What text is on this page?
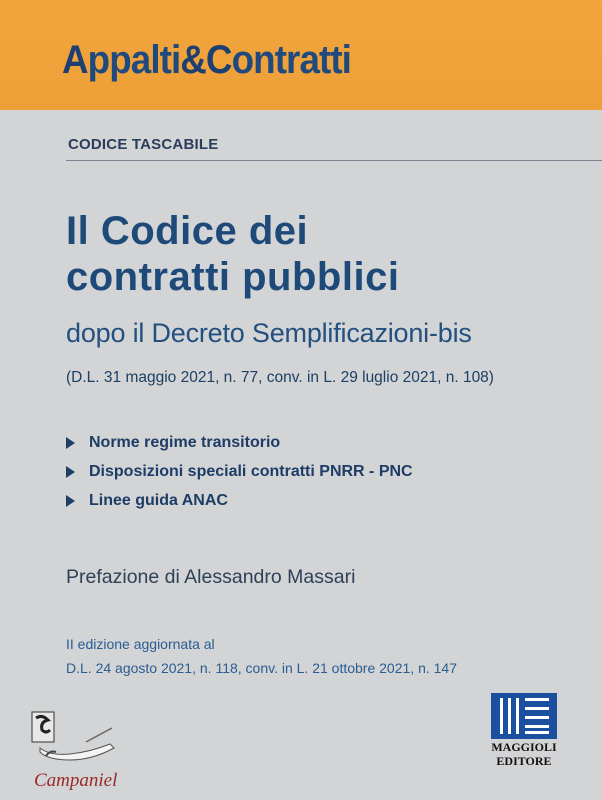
Appalti&Contratti
CODICE TASCABILE
Il Codice dei
contratti pubblici
dopo il Decreto Semplificazioni-bis
(D.L. 31 maggio 2021, n. 77, conv. in L. 29 luglio 2021, n. 108)
Norme regime transitorio
Disposizioni speciali contratti PNRR - PNC
Linee guida ANAC
Prefazione di Alessandro Massari
II edizione aggiornata al
D.L. 24 agosto 2021, n. 118, conv. in L. 21 ottobre 2021, n. 147
MAGGIOLI
EDITORE
Campaniel
